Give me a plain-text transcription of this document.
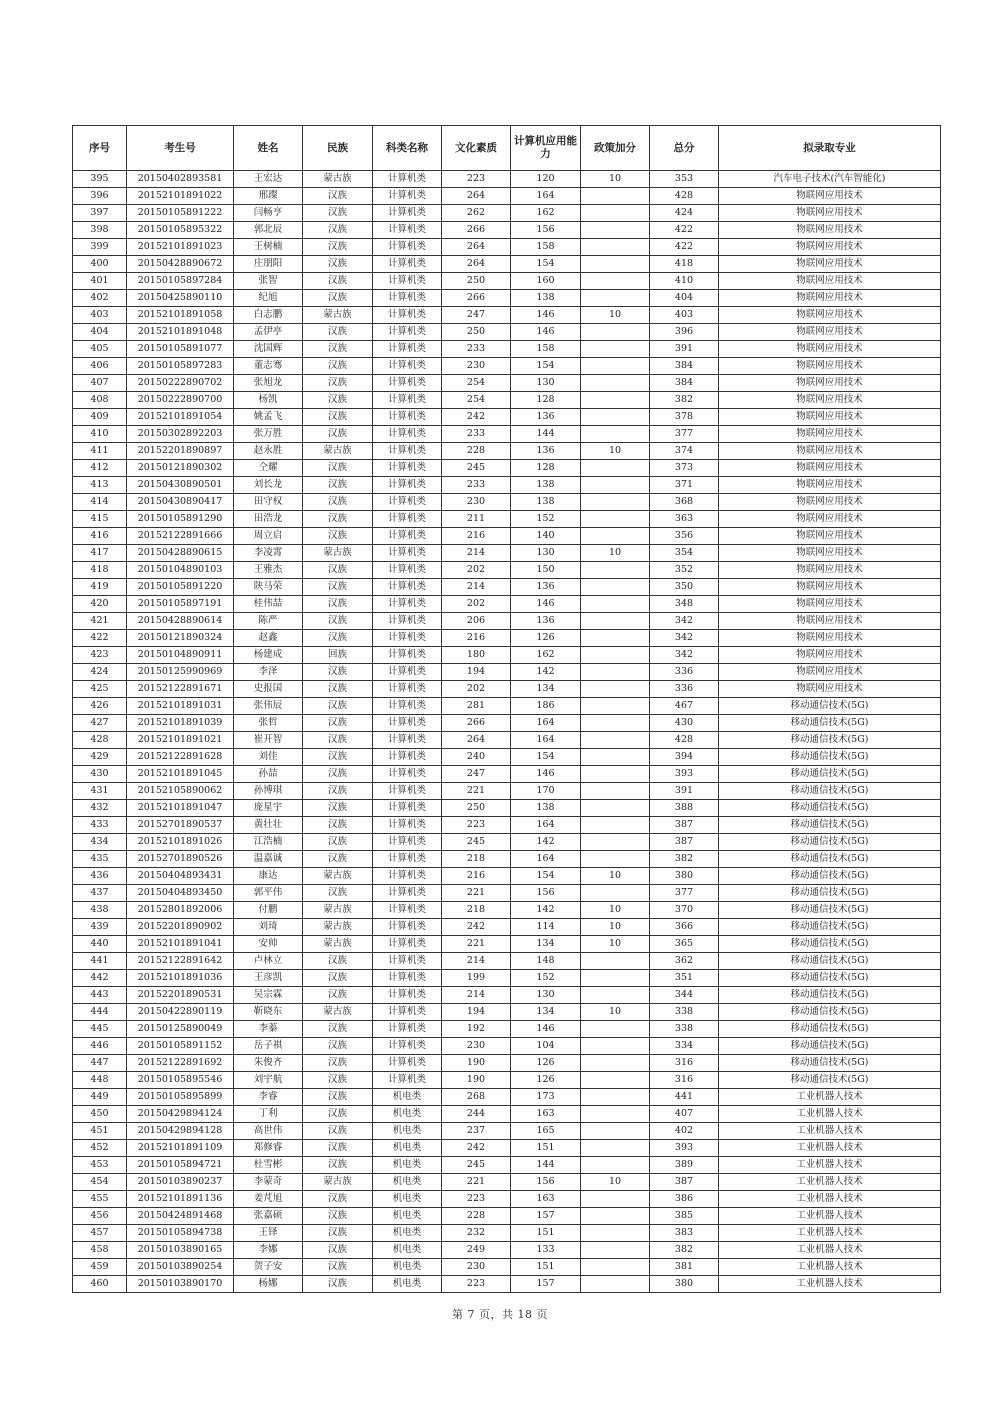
序号	考生号	姓名	民族	科类名称	文化素质	计算机应用能力	政策加分	总分	拟录取专业
395	20150402893581	王宏达	蒙古族	计算机类	223	120	10	353	汽车电子技术(汽车智能化)
396	20152101891022	邢璨	汉族	计算机类	264	164		428	物联网应用技术
397	20150105891222	闫畅亨	汉族	计算机类	262	162		424	物联网应用技术
398	20150105895322	郭北辰	汉族	计算机类	266	156		422	物联网应用技术
399	20152101891023	王树楠	汉族	计算机类	264	158		422	物联网应用技术
400	20150428890672	庄朋阳	汉族	计算机类	264	154		418	物联网应用技术
401	20150105897284	张智	汉族	计算机类	250	160		410	物联网应用技术
402	20150425890110	纪旭	汉族	计算机类	266	138		404	物联网应用技术
403	20152101891058	白志鹏	蒙古族	计算机类	247	146	10	403	物联网应用技术
404	20152101891048	孟伊亭	汉族	计算机类	250	146		396	物联网应用技术
405	20150105891077	沈国辉	汉族	计算机类	233	158		391	物联网应用技术
406	20150105897283	董志骞	汉族	计算机类	230	154		384	物联网应用技术
407	20150222890702	张旭龙	汉族	计算机类	254	130		384	物联网应用技术
408	20150222890700	杨凯	汉族	计算机类	254	128		382	物联网应用技术
409	20152101891054	姚孟飞	汉族	计算机类	242	136		378	物联网应用技术
410	20150302892203	张万胜	汉族	计算机类	233	144		377	物联网应用技术
411	20152201890897	赵永胜	蒙古族	计算机类	228	136	10	374	物联网应用技术
412	20150121890302	仝耀	汉族	计算机类	245	128		373	物联网应用技术
413	20150430890501	刘长龙	汉族	计算机类	233	138		371	物联网应用技术
414	20150430890417	田守权	汉族	计算机类	230	138		368	物联网应用技术
415	20150105891290	田浩龙	汉族	计算机类	211	152		363	物联网应用技术
416	20152122891666	周立启	汉族	计算机类	216	140		356	物联网应用技术
417	20150428890615	李凌霄	蒙古族	计算机类	214	130	10	354	物联网应用技术
418	20150104890103	王雅杰	汉族	计算机类	202	150		352	物联网应用技术
419	20150105891220	陕马荣	汉族	计算机类	214	136		350	物联网应用技术
420	20150105897191	桂伟喆	汉族	计算机类	202	146		348	物联网应用技术
421	20150428890614	陈严	汉族	计算机类	206	136		342	物联网应用技术
422	20150121890324	赵鑫	汉族	计算机类	216	126		342	物联网应用技术
423	20150104890911	杨建成	回族	计算机类	180	162		342	物联网应用技术
424	20150125990969	李泽	汉族	计算机类	194	142		336	物联网应用技术
425	20152122891671	史报国	汉族	计算机类	202	134		336	物联网应用技术
426	20152101891031	张伟辰	汉族	计算机类	281	186		467	移动通信技术(5G)
427	20152101891039	张哲	汉族	计算机类	266	164		430	移动通信技术(5G)
428	20152101891021	崔开智	汉族	计算机类	264	164		428	移动通信技术(5G)
429	20152122891628	刘佳	汉族	计算机类	240	154		394	移动通信技术(5G)
430	20152101891045	孙喆	汉族	计算机类	247	146		393	移动通信技术(5G)
431	20152105890062	孙博琪	汉族	计算机类	221	170		391	移动通信技术(5G)
432	20152101891047	庞星宇	汉族	计算机类	250	138		388	移动通信技术(5G)
433	20152701890537	黄壮壮	汉族	计算机类	223	164		387	移动通信技术(5G)
434	20152101891026	江浩楠	汉族	计算机类	245	142		387	移动通信技术(5G)
435	20152701890526	温嘉诚	汉族	计算机类	218	164		382	移动通信技术(5G)
436	20150404893431	康达	蒙古族	计算机类	216	154	10	380	移动通信技术(5G)
437	20150404893450	郭平伟	汉族	计算机类	221	156		377	移动通信技术(5G)
438	20152801892006	付鹏	蒙古族	计算机类	218	142	10	370	移动通信技术(5G)
439	20152201890902	刘琦	蒙古族	计算机类	242	114	10	366	移动通信技术(5G)
440	20152101891041	安帅	蒙古族	计算机类	221	134	10	365	移动通信技术(5G)
441	20152122891642	卢林立	汉族	计算机类	214	148		362	移动通信技术(5G)
442	20152101891036	王彦凯	汉族	计算机类	199	152		351	移动通信技术(5G)
443	20152201890531	吴宗霖	汉族	计算机类	214	130		344	移动通信技术(5G)
444	20150422890119	靳晓东	蒙古族	计算机类	194	134	10	338	移动通信技术(5G)
445	20150125890049	李蓁	汉族	计算机类	192	146		338	移动通信技术(5G)
446	20150105891152	岳子祺	汉族	计算机类	230	104		334	移动通信技术(5G)
447	20152122891692	朱俊齐	汉族	计算机类	190	126		316	移动通信技术(5G)
448	20150105895546	刘宇航	汉族	计算机类	190	126		316	移动通信技术(5G)
449	20150105895899	李睿	汉族	机电类	268	173		441	工业机器人技术
450	20150429894124	丁利	汉族	机电类	244	163		407	工业机器人技术
451	20150429894128	高世伟	汉族	机电类	237	165		402	工业机器人技术
452	20152101891109	郑修睿	汉族	机电类	242	151		393	工业机器人技术
453	20150105894721	杜雪彬	汉族	机电类	245	144		389	工业机器人技术
454	20150103890237	李蒙奇	蒙古族	机电类	221	156	10	387	工业机器人技术
455	20152101891136	姜芃旭	汉族	机电类	223	163		386	工业机器人技术
456	20150424891468	张嘉硕	汉族	机电类	228	157		385	工业机器人技术
457	20150105894738	王铎	汉族	机电类	232	151		383	工业机器人技术
458	20150103890165	李娜	汉族	机电类	249	133		382	工业机器人技术
459	20150103890254	贺子安	汉族	机电类	230	151		381	工业机器人技术
460	20150103890170	杨娜	汉族	机电类	223	157		380	工业机器人技术
第 7 页，共 18 页
